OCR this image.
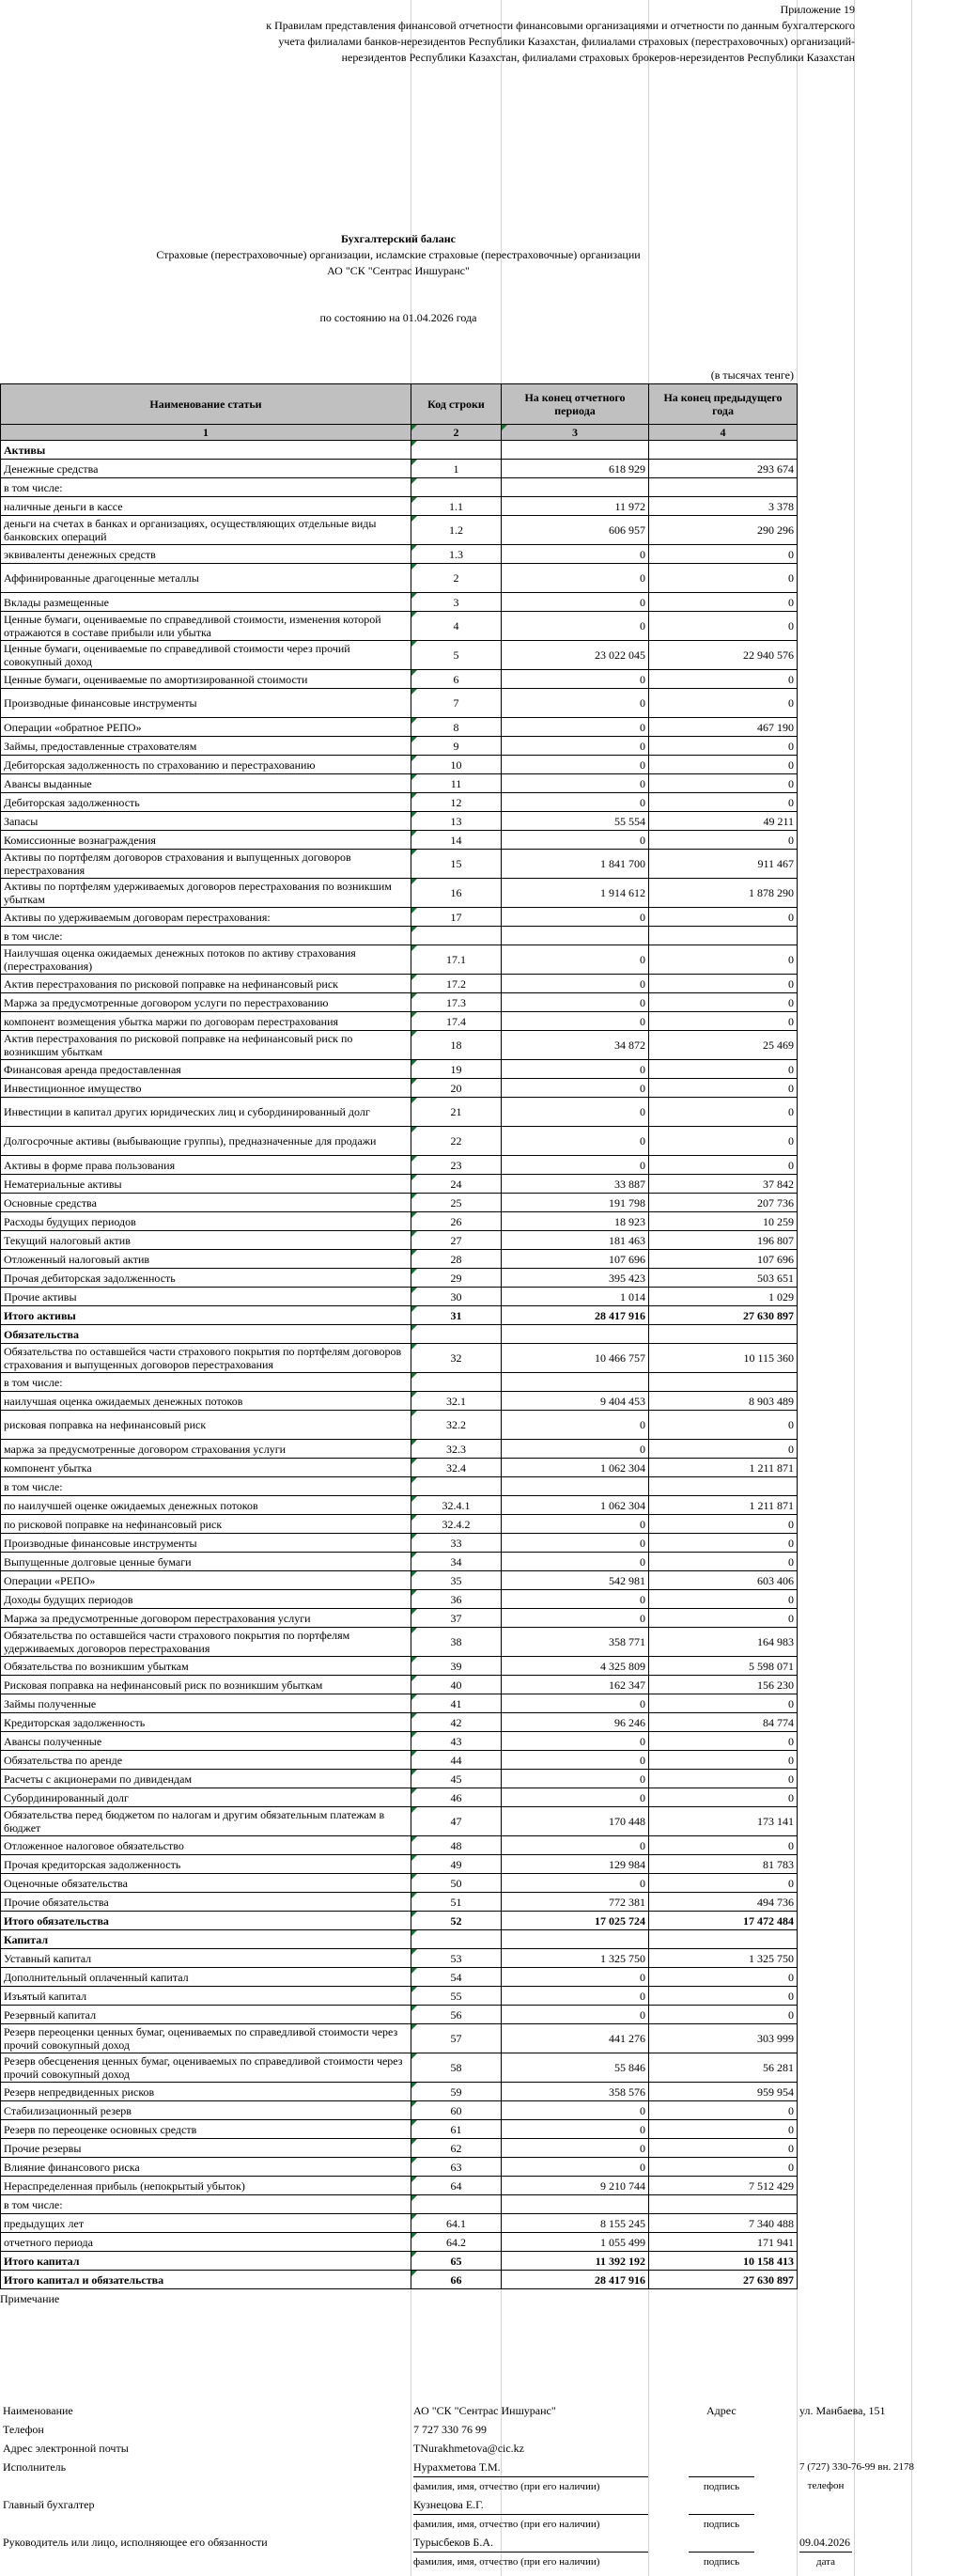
Приложение 19
к Правилам представления финансовой отчетности финансовыми организациями и отчетности по данным бухгалтерского
учета филиалами банков-нерезидентов Республики Казахстан, филиалами страховых (перестраховочных) организаций-
нерезидентов Республики Казахстан, филиалами страховых брокеров-нерезидентов Республики Казахстан
Бухгалтерский баланс
Страховые (перестраховочные) организации, исламские страховые (перестраховочные) организации
АО "СК "Сентрас Иншуранс"
по состоянию на 01.04.2026 года
(в тысячах тенге)
Наименование статьи	Код строки	На конец отчетного периода	На конец предыдущего года
1	2	3	4
Активы			
Денежные средства	1	618 929	293 674
в том числе:			
наличные деньги в кассе	1.1	11 972	3 378
деньги на счетах в банках и организациях, осуществляющих отдельные виды банковских операций	1.2	606 957	290 296
эквиваленты денежных средств	1.3	0	0
Аффинированные драгоценные металлы	2	0	0
Вклады размещенные	3	0	0
Ценные бумаги, оцениваемые по справедливой стоимости, изменения которой отражаются в составе прибыли или убытка	4	0	0
Ценные бумаги, оцениваемые по справедливой стоимости через прочий совокупный доход	5	23 022 045	22 940 576
Ценные бумаги, оцениваемые по амортизированной стоимости	6	0	0
Производные финансовые инструменты	7	0	0
Операции «обратное РЕПО»	8	0	467 190
Займы, предоставленные страхователям	9	0	0
Дебиторская задолженность по страхованию и перестрахованию	10	0	0
Авансы выданные	11	0	0
Дебиторская задолженность	12	0	0
Запасы	13	55 554	49 211
Комиссионные вознаграждения	14	0	0
Активы по портфелям договоров страхования и выпущенных договоров перестрахования	15	1 841 700	911 467
Активы по портфелям удерживаемых договоров перестрахования по возникшим убыткам	16	1 914 612	1 878 290
Активы по удерживаемым договорам перестрахования:	17	0	0
в том числе:			
Наилучшая оценка ожидаемых денежных потоков по активу страхования (перестрахования)	17.1	0	0
Актив перестрахования по рисковой поправке на нефинансовый риск	17.2	0	0
Маржа за предусмотренные договором услуги по перестрахованию	17.3	0	0
компонент возмещения убытка маржи по договорам перестрахования	17.4	0	0
Актив перестрахования по рисковой поправке на нефинансовый риск по возникшим убыткам	18	34 872	25 469
Финансовая аренда предоставленная	19	0	0
Инвестиционное имущество	20	0	0
Инвестиции в капитал других юридических лиц и субординированный долг	21	0	0
Долгосрочные активы (выбывающие группы), предназначенные для продажи	22	0	0
Активы в форме права пользования	23	0	0
Нематериальные активы	24	33 887	37 842
Основные средства	25	191 798	207 736
Расходы будущих периодов	26	18 923	10 259
Текущий налоговый актив	27	181 463	196 807
Отложенный налоговый актив	28	107 696	107 696
Прочая дебиторская задолженность	29	395 423	503 651
Прочие активы	30	1 014	1 029
Итого активы	31	28 417 916	27 630 897
Обязательства			
Обязательства по оставшейся части страхового покрытия по портфелям договоров страхования и выпущенных договоров перестрахования	32	10 466 757	10 115 360
в том числе:			
наилучшая оценка ожидаемых денежных потоков	32.1	9 404 453	8 903 489
рисковая поправка на нефинансовый риск	32.2	0	0
маржа за предусмотренные договором страхования услуги	32.3	0	0
компонент убытка	32.4	1 062 304	1 211 871
в том числе:			
по наилучшей оценке ожидаемых денежных потоков	32.4.1	1 062 304	1 211 871
по рисковой поправке на нефинансовый риск	32.4.2	0	0
Производные финансовые инструменты	33	0	0
Выпущенные долговые ценные бумаги	34	0	0
Операции «РЕПО»	35	542 981	603 406
Доходы будущих периодов	36	0	0
Маржа за предусмотренные договором перестрахования услуги	37	0	0
Обязательства по оставшейся части страхового покрытия по портфелям удерживаемых договоров перестрахования	38	358 771	164 983
Обязательства по возникшим убыткам	39	4 325 809	5 598 071
Рисковая поправка на нефинансовый риск по возникшим убыткам	40	162 347	156 230
Займы полученные	41	0	0
Кредиторская задолженность	42	96 246	84 774
Авансы полученные	43	0	0
Обязательства по аренде	44	0	0
Расчеты с акционерами по дивидендам	45	0	0
Субординированный долг	46	0	0
Обязательства перед бюджетом по налогам и другим обязательным платежам в бюджет	47	170 448	173 141
Отложенное налоговое обязательство	48	0	0
Прочая кредиторская задолженность	49	129 984	81 783
Оценочные обязательства	50	0	0
Прочие обязательства	51	772 381	494 736
Итого обязательства	52	17 025 724	17 472 484
Капитал			
Уставный капитал	53	1 325 750	1 325 750
Дополнительный оплаченный капитал	54	0	0
Изъятый капитал	55	0	0
Резервный капитал	56	0	0
Резерв переоценки ценных бумаг, оцениваемых по справедливой стоимости через прочий совокупный доход	57	441 276	303 999
Резерв обесценения ценных бумаг, оцениваемых по справедливой стоимости через прочий совокупный доход	58	55 846	56 281
Резерв непредвиденных рисков	59	358 576	959 954
Стабилизационный резерв	60	0	0
Резерв по переоценке основных средств	61	0	0
Прочие резервы	62	0	0
Влияние финансового риска	63	0	0
Нераспределенная прибыль (непокрытый убыток)	64	9 210 744	7 512 429
в том числе:			
предыдущих лет	64.1	8 155 245	7 340 488
отчетного периода	64.2	1 055 499	171 941
Итого капитал	65	11 392 192	10 158 413
Итого капитал и обязательства	66	28 417 916	27 630 897
Примечание
Наименование	АО "СК "Сентрас Иншуранс"	Адрес	ул. Манбаева, 151
Телефон	7 727 330 76 99
Адрес электронной почты	TNurakhmetova@cic.kz
Исполнитель	Нурахметова Т.М.	7 (727) 330-76-99 вн. 2178
фамилия, имя, отчество (при его наличии)	подпись	телефон
Главный бухгалтер	Кузнецова Е.Г.
фамилия, имя, отчество (при его наличии)	подпись
Руководитель или лицо, исполняющее его обязанности	Турысбеков Б.А.	09.04.2026
фамилия, имя, отчество (при его наличии)	подпись	дата
